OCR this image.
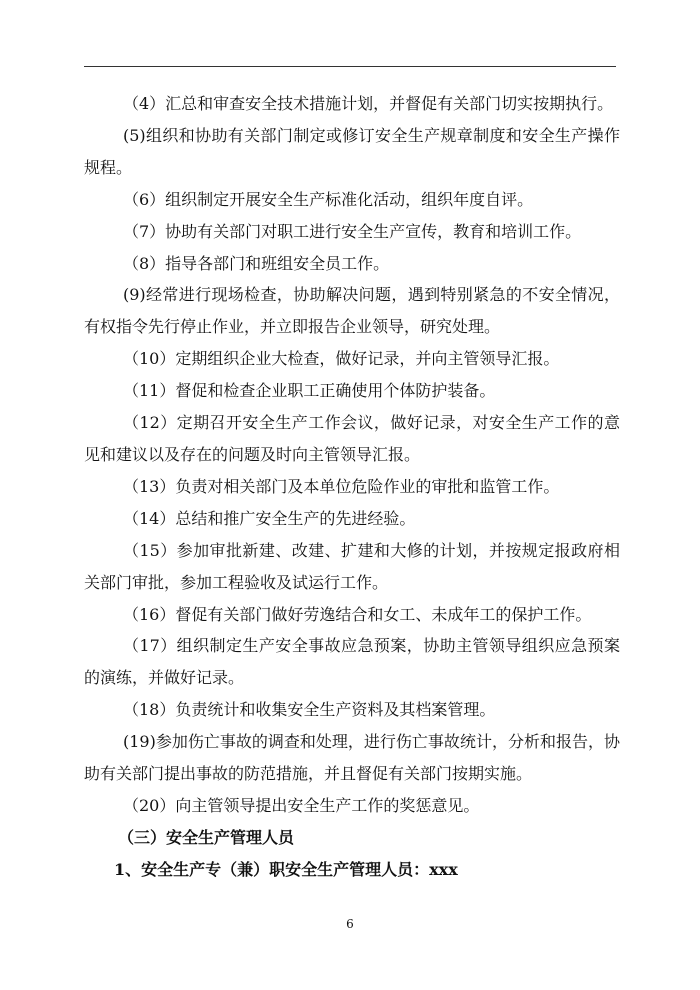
（4）汇总和审查安全技术措施计划，并督促有关部门切实按期执行。

(5)组织和协助有关部门制定或修订安全生产规章制度和安全生产操作规程。

（6）组织制定开展安全生产标准化活动，组织年度自评。

（7）协助有关部门对职工进行安全生产宣传，教育和培训工作。

（8）指导各部门和班组安全员工作。

(9)经常进行现场检查，协助解决问题，遇到特别紧急的不安全情况，有权指令先行停止作业，并立即报告企业领导，研究处理。

（10）定期组织企业大检查，做好记录，并向主管领导汇报。

（11）督促和检查企业职工正确使用个体防护装备。

（12）定期召开安全生产工作会议，做好记录，对安全生产工作的意见和建议以及存在的问题及时向主管领导汇报。

（13）负责对相关部门及本单位危险作业的审批和监管工作。

（14）总结和推广安全生产的先进经验。

（15）参加审批新建、改建、扩建和大修的计划，并按规定报政府相关部门审批，参加工程验收及试运行工作。

（16）督促有关部门做好劳逸结合和女工、未成年工的保护工作。

（17）组织制定生产安全事故应急预案，协助主管领导组织应急预案的演练，并做好记录。

（18）负责统计和收集安全生产资料及其档案管理。

(19)参加伤亡事故的调查和处理，进行伤亡事故统计，分析和报告，协助有关部门提出事故的防范措施，并且督促有关部门按期实施。

（20）向主管领导提出安全生产工作的奖惩意见。

（三）安全生产管理人员

1、安全生产专（兼）职安全生产管理人员：xxx

6
